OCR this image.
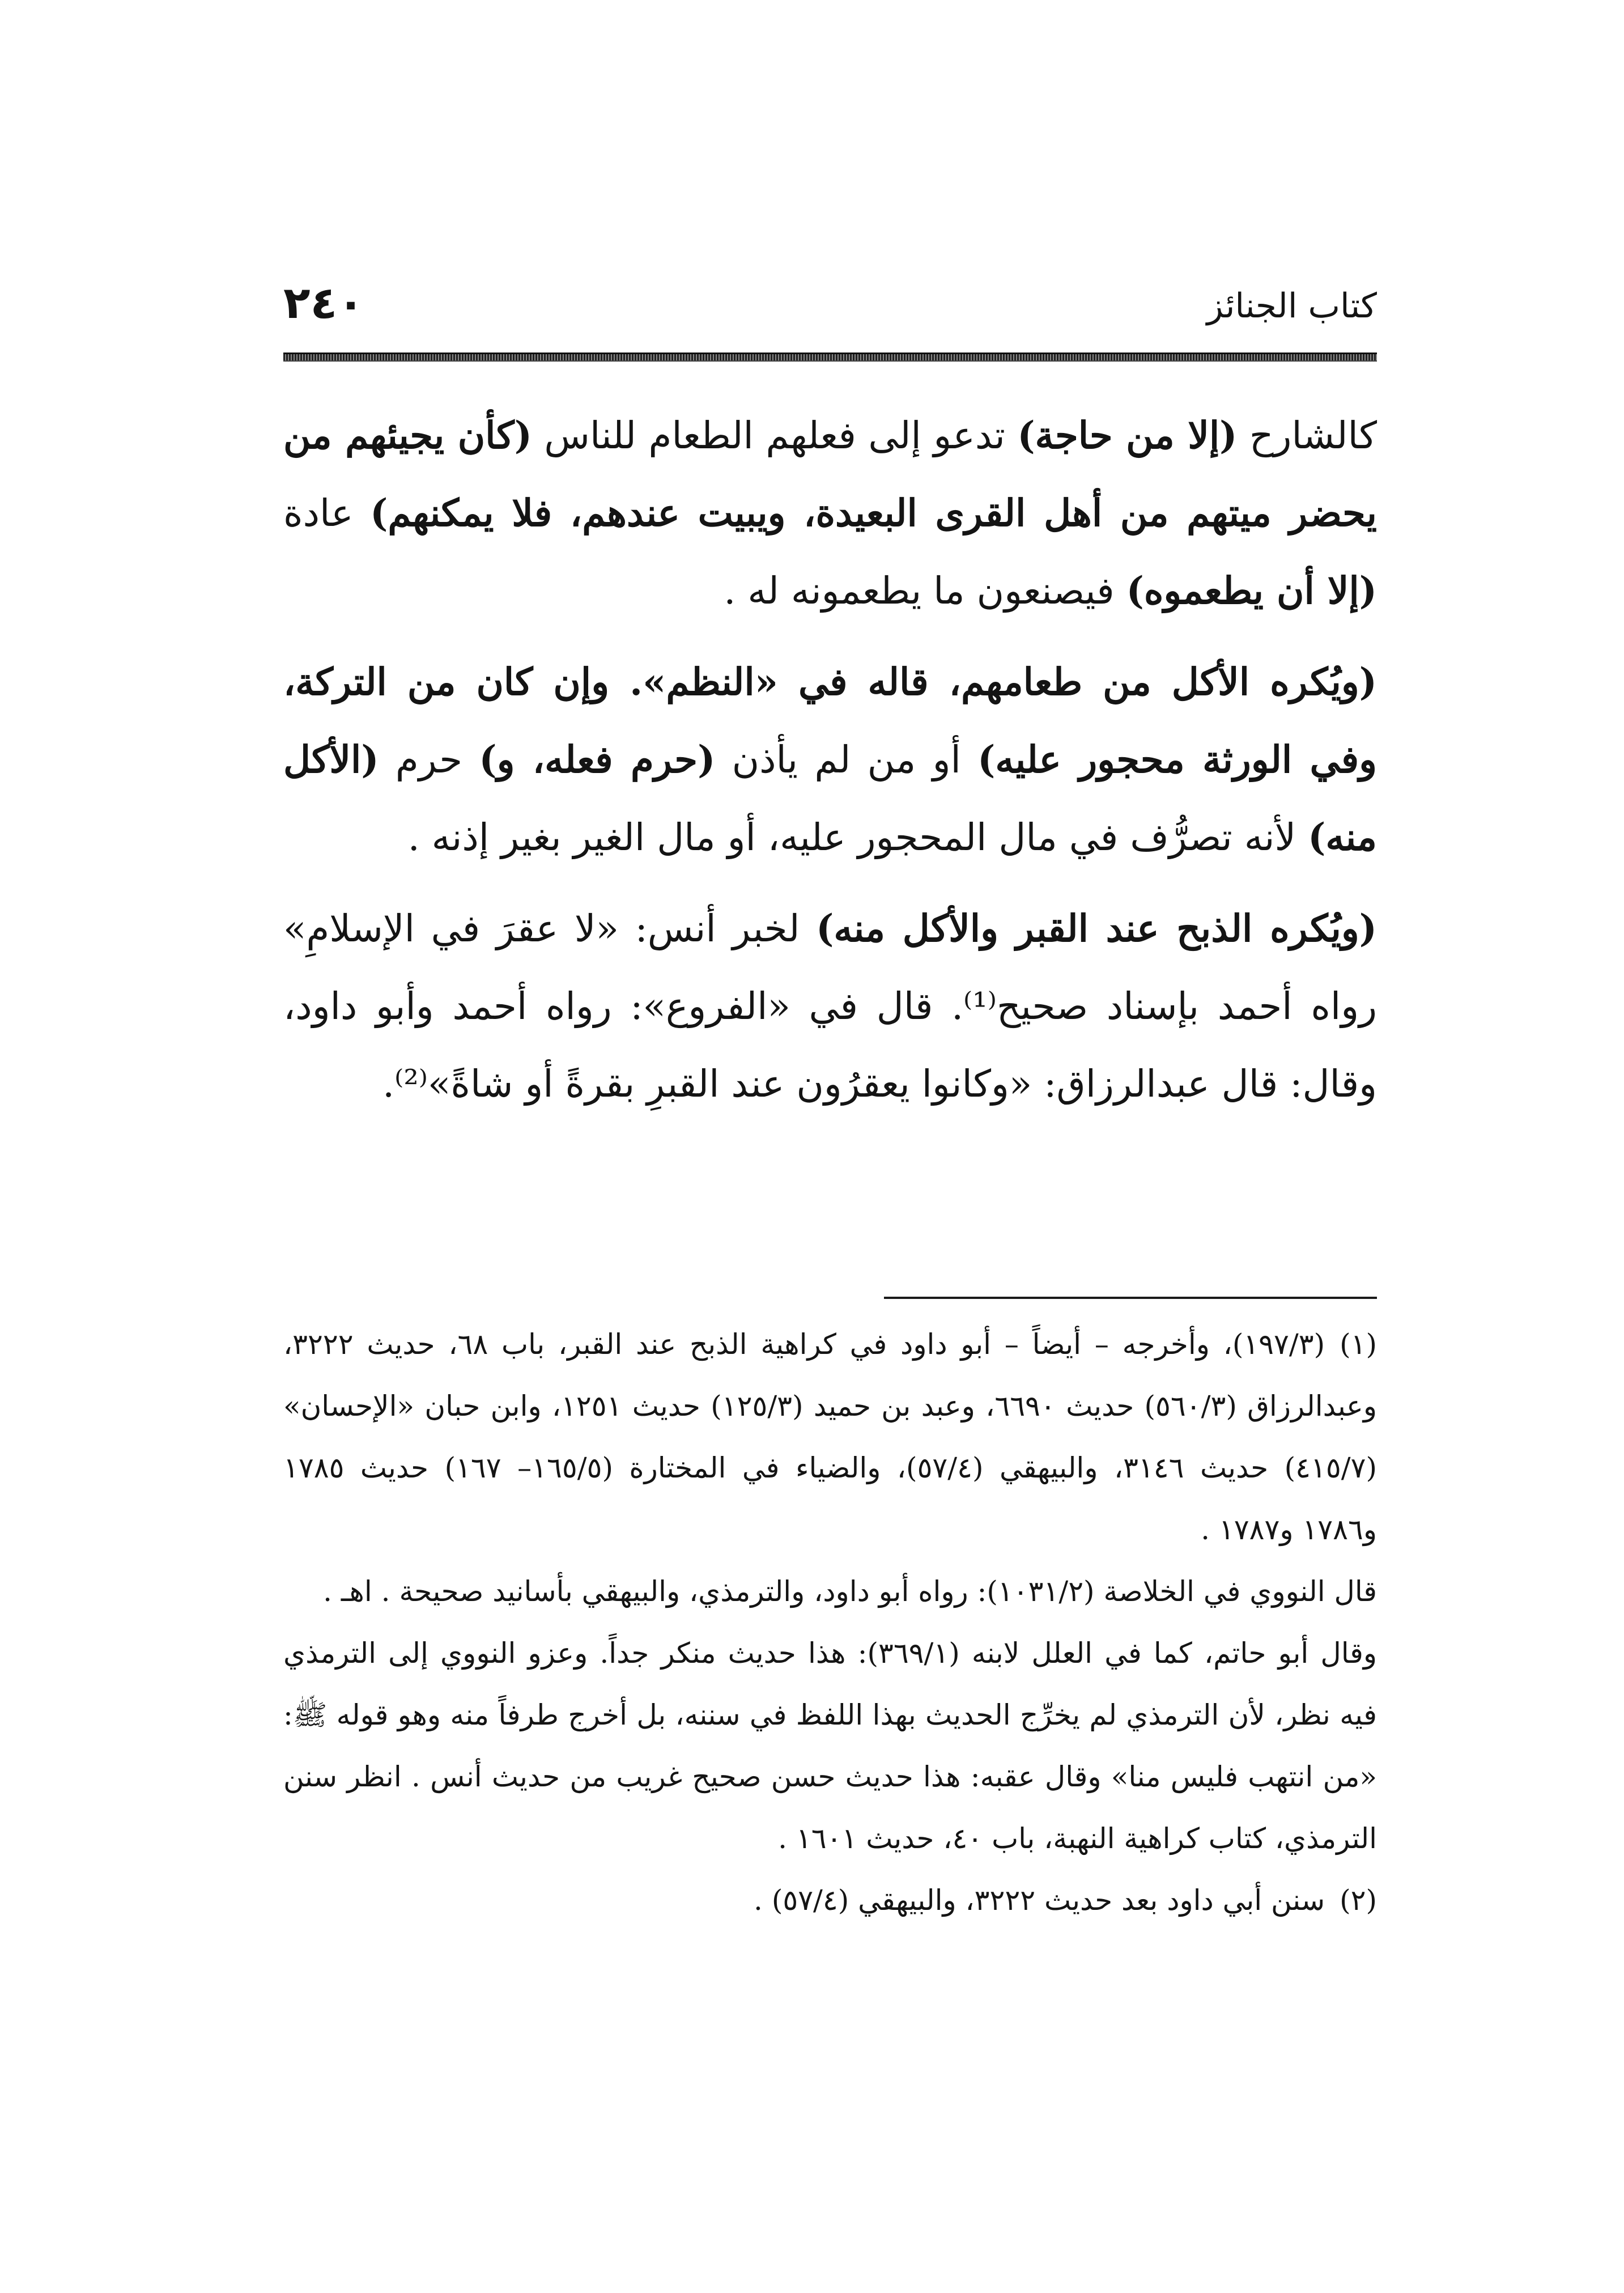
٢٤٠	كتاب الجنائز

كالشارح (إلا من حاجة) تدعو إلى فعلهم الطعام للناس (كأن يجيئهم من يحضر ميتهم من أهل القرى البعيدة، ويبيت عندهم، فلا يمكنهم) عادة (إلا أن يطعموه) فيصنعون ما يطعمونه له .

(ويُكره الأكل من طعامهم، قاله في «النظم». وإن كان من التركة، وفي الورثة محجور عليه) أو من لم يأذن (حرم فعله، و) حرم (الأكل منه) لأنه تصرُّف في مال المحجور عليه، أو مال الغير بغير إذنه .

(ويُكره الذبح عند القبر والأكل منه) لخبر أنس: «لا عقرَ في الإسلامِ» رواه أحمد بإسناد صحيح⁽¹⁾. قال في «الفروع»: رواه أحمد وأبو داود، وقال: قال عبدالرزاق: «وكانوا يعقرُون عند القبرِ بقرةً أو شاةً»⁽²⁾.

(١)(١٩٧/٣)، وأخرجه – أيضاً – أبو داود في كراهية الذبح عند القبر، باب ٦٨، حديث ٣٢٢٢، وعبدالرزاق (٥٦٠/٣) حديث ٦٦٩٠، وعبد بن حميد (١٢٥/٣) حديث ١٢٥١، وابن حبان «الإحسان» (٤١٥/٧) حديث ٣١٤٦، والبيهقي (٥٧/٤)، والضياء في المختارة (١٦٥/٥– ١٦٧) حديث ١٧٨٥ و١٧٨٦ و١٧٨٧ .

قال النووي في الخلاصة (١٠٣١/٢): رواه أبو داود، والترمذي، والبيهقي بأسانيد صحيحة . اهـ .

وقال أبو حاتم، كما في العلل لابنه (٣٦٩/١): هذا حديث منكر جداً. وعزو النووي إلى الترمذي فيه نظر، لأن الترمذي لم يخرِّج الحديث بهذا اللفظ في سننه، بل أخرج طرفاً منه وهو قوله ﷺ: «من انتهب فليس منا» وقال عقبه: هذا حديث حسن صحيح غريب من حديث أنس . انظر سنن الترمذي، كتاب كراهية النهبة، باب ٤٠، حديث ١٦٠١ .

(٢)سنن أبي داود بعد حديث ٣٢٢٢، والبيهقي (٥٧/٤) .
